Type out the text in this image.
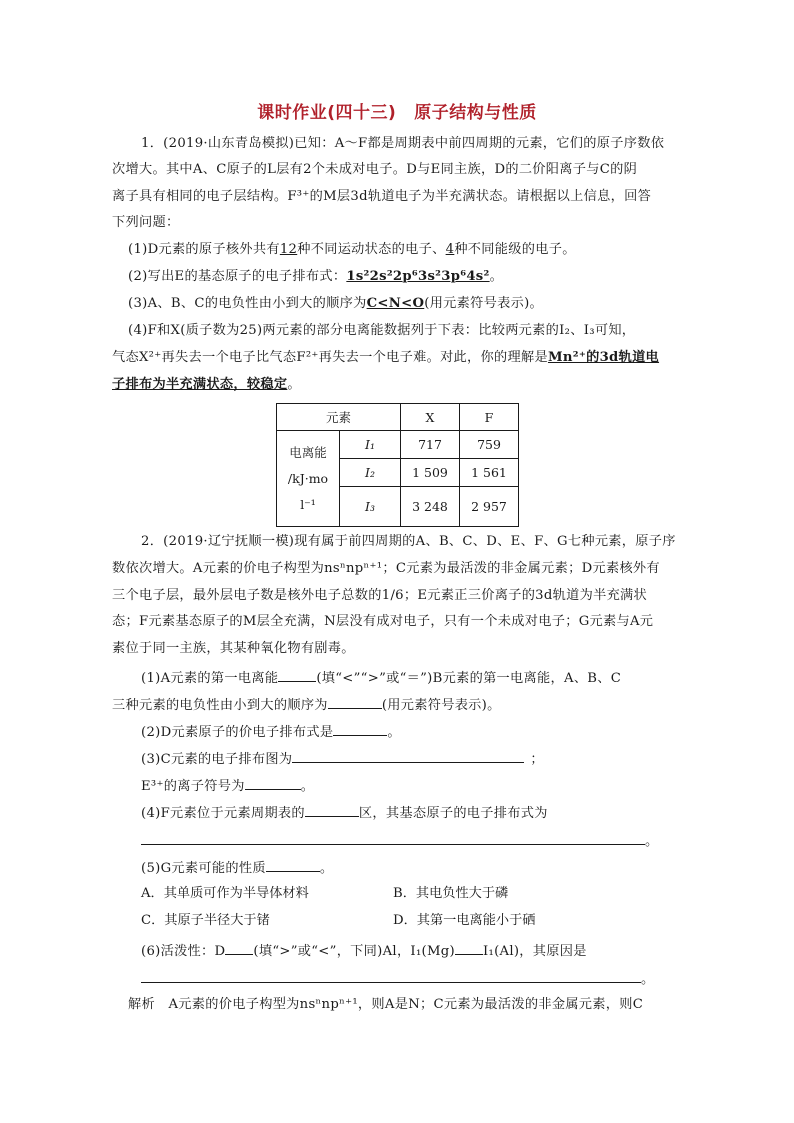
课时作业(四十三) 原子结构与性质
1．(2019·山东青岛模拟)已知：A～F都是周期表中前四周期的元素，它们的原子序数依
次增大。其中A、C原子的L层有2个未成对电子。D与E同主族，D的二价阳离子与C的阴
离子具有相同的电子层结构。F³⁺的M层3d轨道电子为半充满状态。请根据以上信息，回答
下列问题：
(1)D元素的原子核外共有12种不同运动状态的电子、4种不同能级的电子。
(2)写出E的基态原子的电子排布式：1s²2s²2p⁶3s²3p⁶4s²。
(3)A、B、C的电负性由小到大的顺序为C<N<O(用元素符号表示)。
(4)F和X(质子数为25)两元素的部分电离能数据列于下表：比较两元素的I₂、I₃可知，
气态X²⁺再失去一个电子比气态F²⁺再失去一个电子难。对此，你的理解是Mn²⁺的3d轨道电
子排布为半充满状态，较稳定。
元素		X	F

电离能
/kJ·mo
l⁻¹	I₁	717	759
	I₂	1 509	1 561
	I₃	3 248	2 957
2．(2019·辽宁抚顺一模)现有属于前四周期的A、B、C、D、E、F、G七种元素，原子序
数依次增大。A元素的价电子构型为nsⁿnpⁿ⁺¹；C元素为最活泼的非金属元素；D元素核外有
三个电子层，最外层电子数是核外电子总数的1/6；E元素正三价离子的3d轨道为半充满状
态；F元素基态原子的M层全充满，N层没有成对电子，只有一个未成对电子；G元素与A元
素位于同一主族，其某种氧化物有剧毒。
(1)A元素的第一电离能	(填“<”“>”或“＝”)B元素的第一电离能，A、B、C
三种元素的电负性由小到大的顺序为	(用元素符号表示)。
(2)D元素原子的价电子排布式是	。
(3)C元素的电子排布图为	；
E³⁺的离子符号为	。
(4)F元素位于元素周期表的	区，其基态原子的电子排布式为
。
(5)G元素可能的性质	。
A．其单质可作为半导体材料	B．其电负性大于磷
C．其原子半径大于锗	D．其第一电离能小于硒
(6)活泼性：D (填“>”或“<”，下同)Al，I₁(Mg) I₁(Al)，其原因是
。
解析　A元素的价电子构型为nsⁿnpⁿ⁺¹，则A是N；C元素为最活泼的非金属元素，则C
